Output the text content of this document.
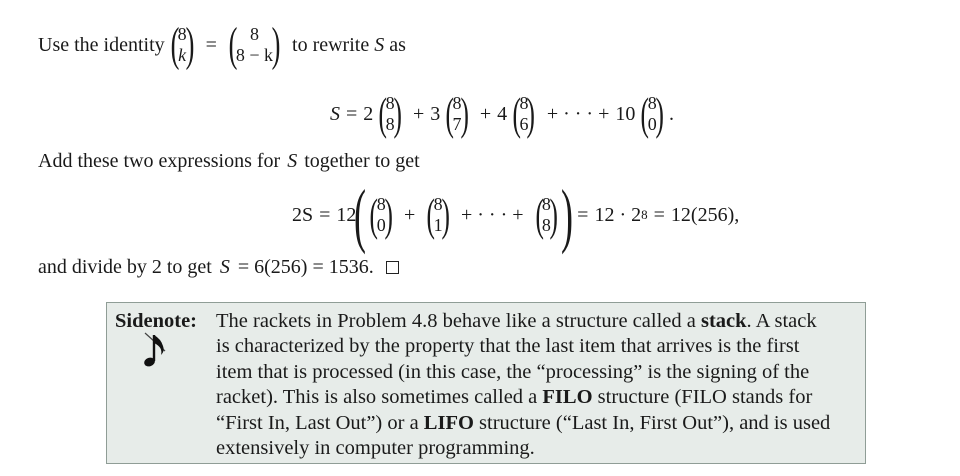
Use the identity (
8
k ) = ( 8
8 − k
) to rewrite S as
S = 2 (
8
8
) + 3 (
8
7
) + 4 (
8
6
) + · · · + 10 (
8
0
) .
Add these two expressions for S together to get
2S = 12
( (
8
0
) + (
8
1
) + · · · + (
8
8
) ) = 12 · 2 8 = 12(256),
and divide by 2 to get S = 6(256) = 1536.
Sidenote: The rackets in Problem 4.8 behave like a structure called a stack. A stack
is characterized by the property that the last item that arrives is the first
item that is processed (in this case, the “processing” is the signing of the
racket). This is also sometimes called a FILO structure (FILO stands for
“First In, Last Out”) or a LIFO structure (“Last In, First Out”), and is used
extensively in computer programming.
